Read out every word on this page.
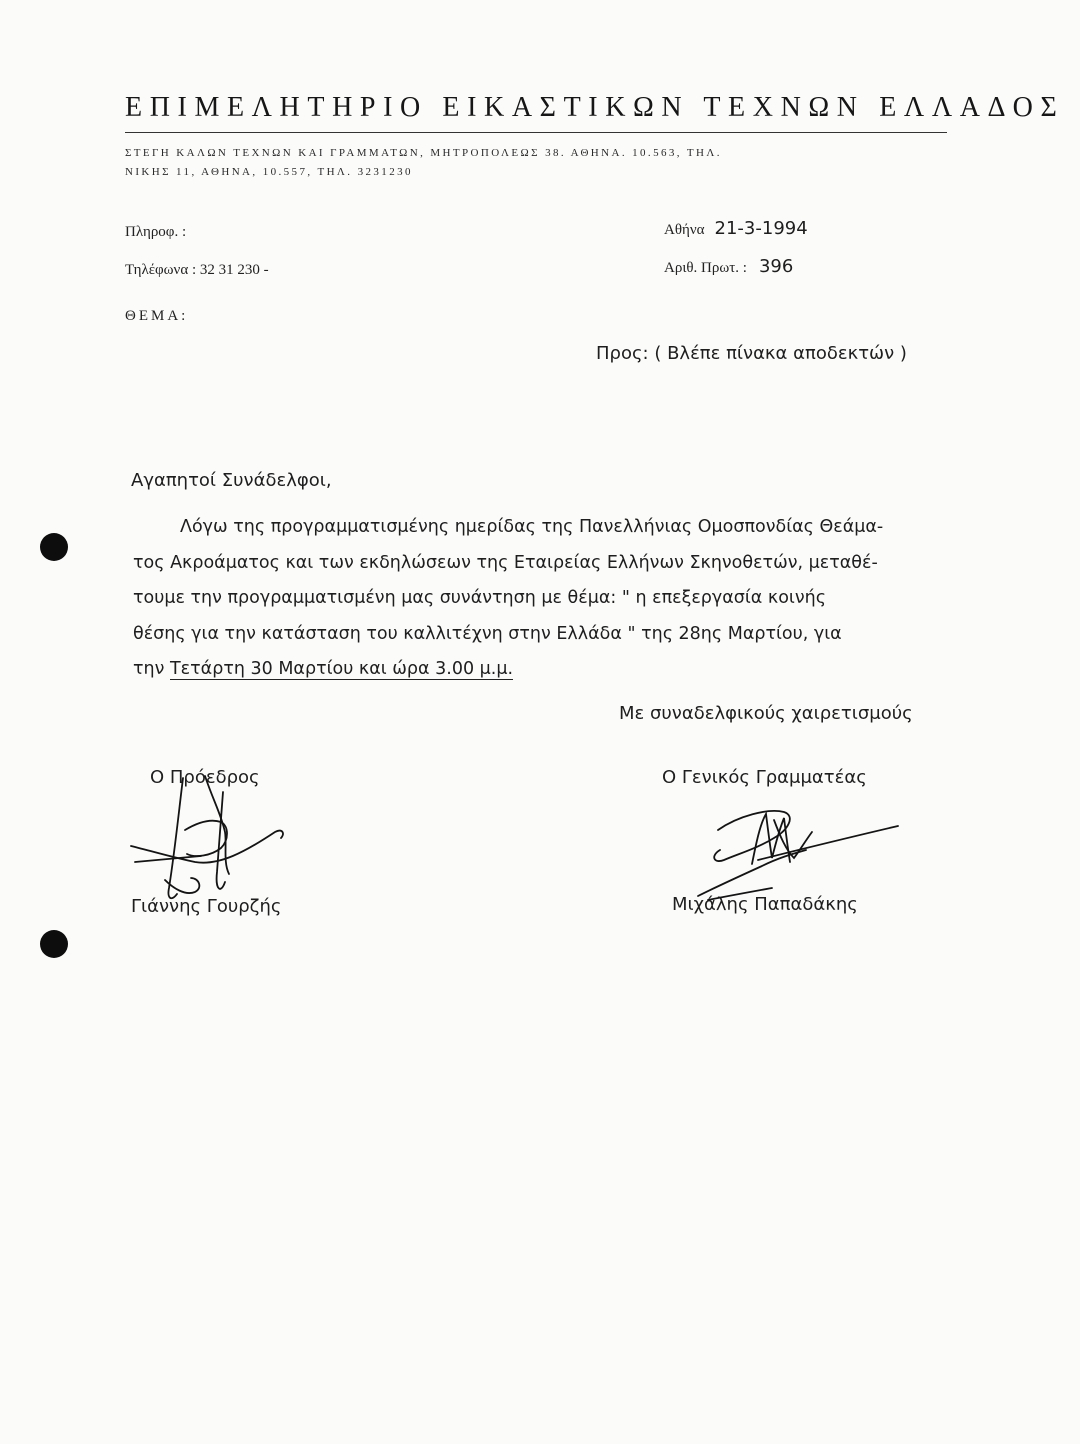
ΕΠΙΜΕΛΗΤΗΡΙΟ ΕΙΚΑΣΤΙΚΩΝ ΤΕΧΝΩΝ ΕΛΛΑΔΟΣ
ΣΤΕΓΗ ΚΑΛΩΝ ΤΕΧΝΩΝ ΚΑΙ ΓΡΑΜΜΑΤΩΝ, ΜΗΤΡΟΠΟΛΕΩΣ 38. ΑΘΗΝΑ. 10.563, ΤΗΛ.
ΝΙΚΗΣ 11, ΑΘΗΝΑ, 10.557, ΤΗΛ. 3231230
Πληροφ. :
Τηλέφωνα : 32 31 230 -
Αθήνα 21-3-1994
Αριθ. Πρωτ. : 396
ΘΕΜΑ:
Προς: ( Βλέπε πίνακα αποδεκτών )
Αγαπητοί Συνάδελφοι,

Λόγω της προγραμματισμένης ημερίδας της Πανελλήνιας Ομοσπονδίας Θεάμα-

τος Ακροάματος και των εκδηλώσεων της Εταιρείας Ελλήνων Σκηνοθετών, μεταθέ-

τουμε την προγραμματισμένη μας συνάντηση με θέμα: " η επεξεργασία κοινής

θέσης για την κατάσταση του καλλιτέχνη στην Ελλάδα " της 28ης Μαρτίου, για

την Τετάρτη 30 Μαρτίου και ώρα 3.00 μ.μ.

Με συναδελφικούς χαιρετισμούς
Ο Πρόεδρος	Ο Γενικός Γραμματέας
Γιάννης Γουρζής	Μιχάλης Παπαδάκης
